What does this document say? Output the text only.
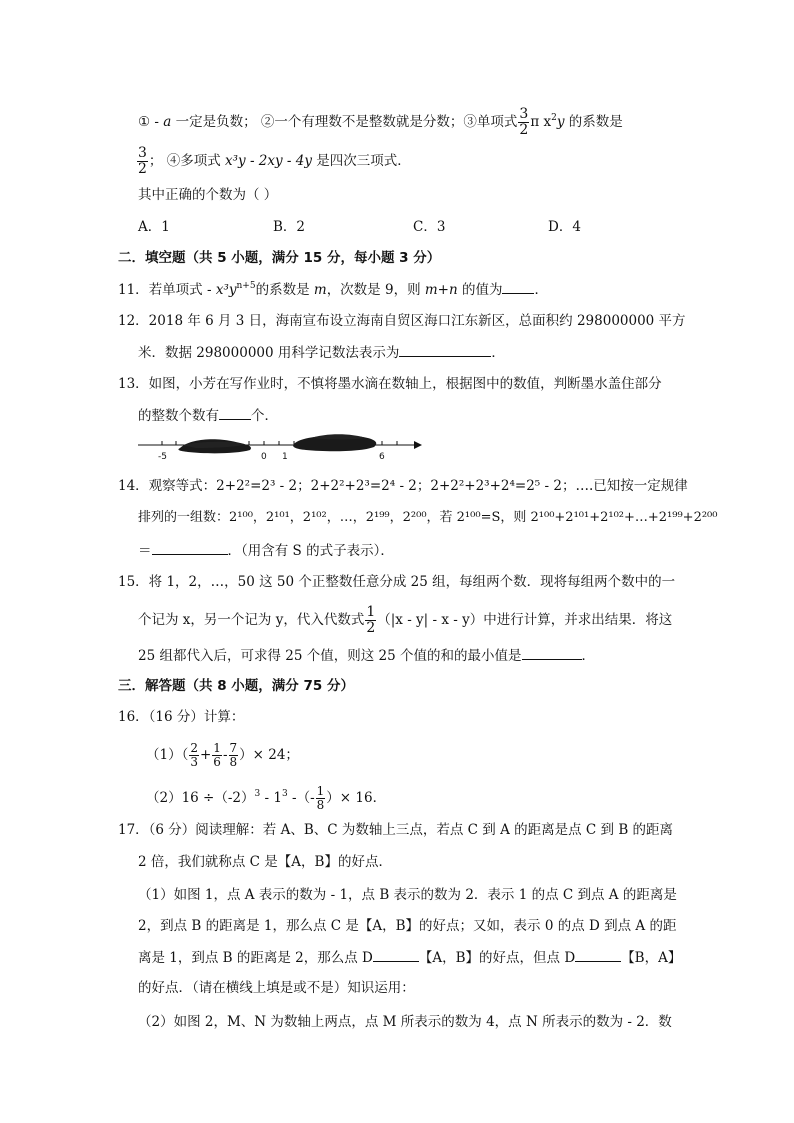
① - a 一定是负数； ②一个有理数不是整数就是分数；③单项式 $\frac{3}{2}$ π $x^2y$ 的系数是
$\frac{3}{2}$ ； ④多项式 x³y - 2xy - 4y 是四次三项式．
其中正确的个数为（ ）
A．1	B．2	C．3	D．4
二．填空题（共 5 小题，满分 15 分，每小题 3 分）
11．若单项式 - $x^3y^{n+5}$的系数是 m，次数是 9，则 m+n 的值为 ．
12．2018 年 6 月 3 日，海南宣布设立海南自贸区海口江东新区，总面积约 298000000 平方
米．数据 298000000 用科学记数法表示为	．
13．如图，小芳在写作业时，不慎将墨水滴在数轴上，根据图中的数值，判断墨水盖住部分
的整数个数有 个．
-5	0 1	6
14．观察等式：2+2²=2³ - 2；2+2²+2³=2⁴ - 2；2+2²+2³+2⁴=2⁵ - 2；….已知按一定规律
排列的一组数：2¹⁰⁰，2¹⁰¹，2¹⁰²，…，2¹⁹⁹，2²⁰⁰，若 2¹⁰⁰=S，则 2¹⁰⁰+2¹⁰¹+2¹⁰²+…+2¹⁹⁹+2²⁰⁰
＝	．（用含有 S 的式子表示）．
15．将 1，2，…，50 这 50 个正整数任意分成 25 组，每组两个数．现将每组两个数中的一
个记为 x，另一个记为 y，代入代数式 $\frac{1}{2} (|x - y|$ - x - y）中进行计算，并求出结果．将这
25 组都代入后，可求得 25 个值，则这 25 个值的和的最小值是	．
三．解答题（共 8 小题，满分 75 分）
16．（16 分）计算：
$(1)( \frac{2}{3} + \frac{1}{6} - \frac{7}{8}$ ）× 24；
$(2)16 \div(-2)^3 - 1^3$ -（- $\frac{1}{8}$ ）× 16．
17．（6 分）阅读理解：若 A、B、C 为数轴上三点，若点 C 到 A 的距离是点 C 到 B 的距离
2 倍，我们就称点 C 是【A，B】的好点．
（1）如图 1，点 A 表示的数为 - 1，点 B 表示的数为 2．表示 1 的点 C 到点 A 的距离是
2，到点 B 的距离是 1，那么点 C 是【A，B】的好点；又如，表示 0 的点 D 到点 A 的距
离是 1，到点 B 的距离是 2，那么点 D	【A，B】的好点，但点 D	【B，A】
的好点．（请在横线上填是或不是）知识运用：
（2）如图 2，M、N 为数轴上两点，点 M 所表示的数为 4，点 N 所表示的数为 - 2．数
